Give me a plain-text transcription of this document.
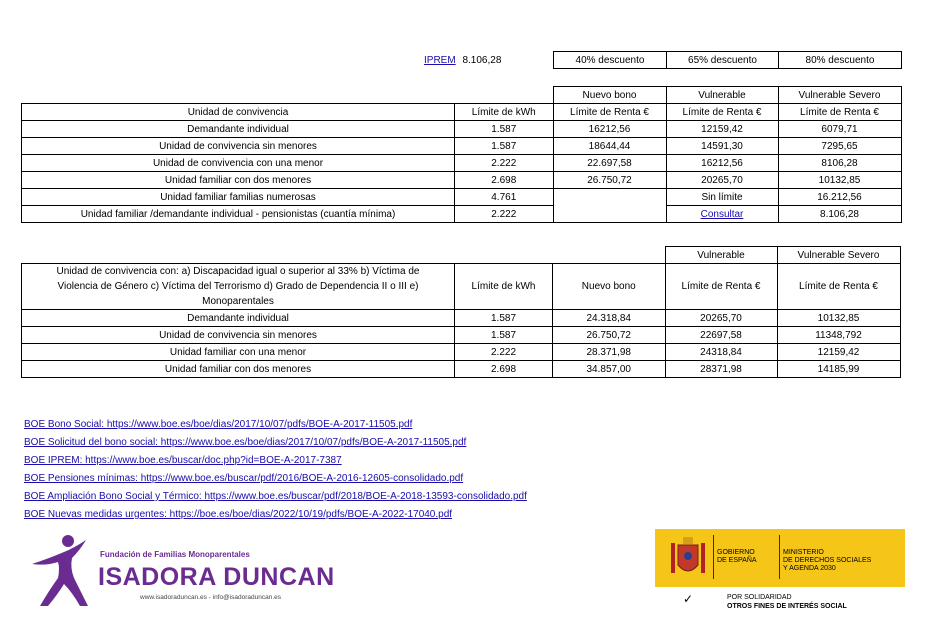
IPREM 8.106,28	40% descuento	65% descuento	80% descuento
		Nuevo bono	Vulnerable	Vulnerable Severo
Unidad de convivencia	Límite de kWh	Límite de Renta €	Límite de Renta €	Límite de Renta €
Demandante individual	1.587	16212,56	12159,42	6079,71
Unidad de convivencia sin menores	1.587	18644,44	14591,30	7295,65
Unidad de convivencia con una menor	2.222	22.697,58	16212,56	8106,28
Unidad familiar con dos menores	2.698	26.750,72	20265,70	10132,85
Unidad familiar familias numerosas	4.761		Sin límite	16.212,56
Unidad familiar /demandante individual - pensionistas (cuantía mínima)	2.222		Consultar	8.106,28
			Vulnerable	Vulnerable Severo

Unidad de convivencia con: a) Discapacidad igual o superior al 33% b) Víctima de
Violencia de Género c) Víctima del Terrorismo d) Grado de Dependencia II o III e)
Monoparentales	Límite de kWh	Nuevo bono	Límite de Renta €	Límite de Renta €
Demandante individual	1.587	24.318,84	20265,70	10132,85
Unidad de convivencia sin menores	1.587	26.750,72	22697,58	11348,792
Unidad familiar con una menor	2.222	28.371,98	24318,84	12159,42
Unidad familiar con dos menores	2.698	34.857,00	28371,98	14185,99
BOE Bono Social: https://www.boe.es/boe/dias/2017/10/07/pdfs/BOE-A-2017-11505.pdf
BOE Solicitud del bono social: https://www.boe.es/boe/dias/2017/10/07/pdfs/BOE-A-2017-11505.pdf
BOE IPREM: https://www.boe.es/buscar/doc.php?id=BOE-A-2017-7387
BOE Pensiones mínimas: https://www.boe.es/buscar/pdf/2016/BOE-A-2016-12605-consolidado.pdf
BOE Ampliación Bono Social y Térmico: https://www.boe.es/buscar/pdf/2018/BOE-A-2018-13593-consolidado.pdf
BOE Nuevas medidas urgentes: https://boe.es/boe/dias/2022/10/19/pdfs/BOE-A-2022-17040.pdf
Fundación de Familias Monoparentales
ISADORA DUNCAN
www.isadoraduncan.es - info@isadoraduncan.es
GOBIERNO
DE ESPAÑA
MINISTERIO
DE DERECHOS SOCIALES
Y AGENDA 2030
✓	POR SOLIDARIDAD
OTROS FINES DE INTERÉS SOCIAL
